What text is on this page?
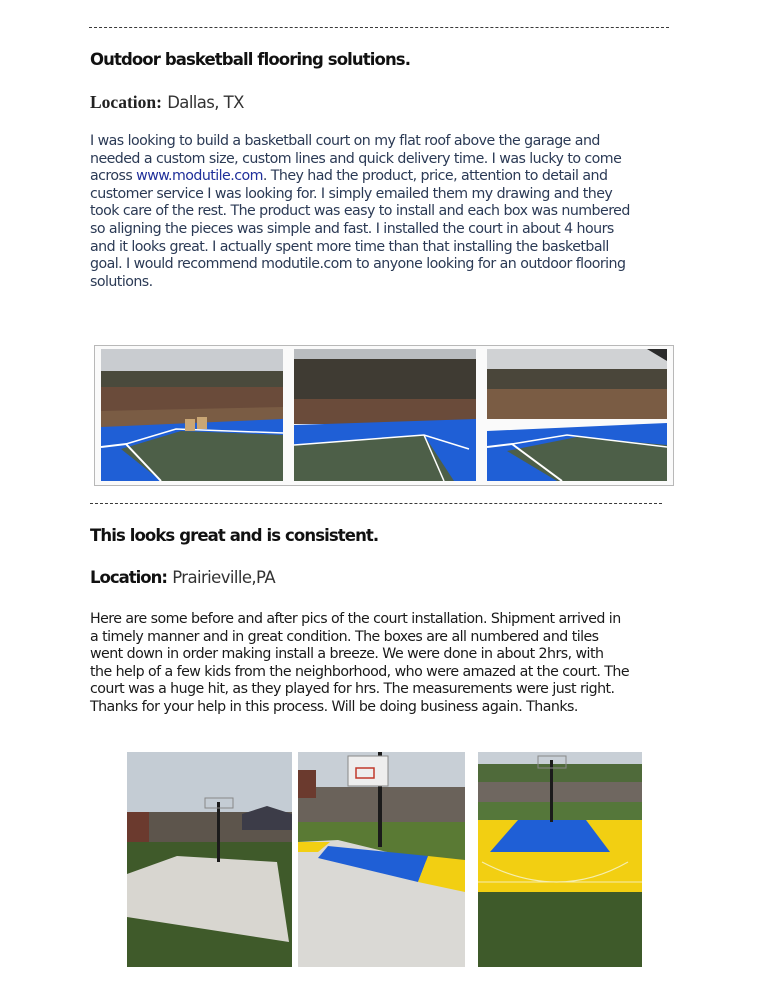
Outdoor basketball flooring solutions.
Location: Dallas, TX
I was looking to build a basketball court on my flat roof above the garage and
needed a custom size, custom lines and quick delivery time. I was lucky to come
across www.modutile.com. They had the product, price, attention to detail and
customer service I was looking for. I simply emailed them my drawing and they
took care of the rest. The product was easy to install and each box was numbered
so aligning the pieces was simple and fast. I installed the court in about 4 hours
and it looks great. I actually spent more time than that installing the basketball
goal. I would recommend modutile.com to anyone looking for an outdoor flooring
solutions.
This looks great and is consistent.
Location: Prairieville,PA
Here are some before and after pics of the court installation. Shipment arrived in
a timely manner and in great condition. The boxes are all numbered and tiles
went down in order making install a breeze. We were done in about 2hrs, with
the help of a few kids from the neighborhood, who were amazed at the court. The
court was a huge hit, as they played for hrs. The measurements were just right.
Thanks for your help in this process. Will be doing business again. Thanks.
